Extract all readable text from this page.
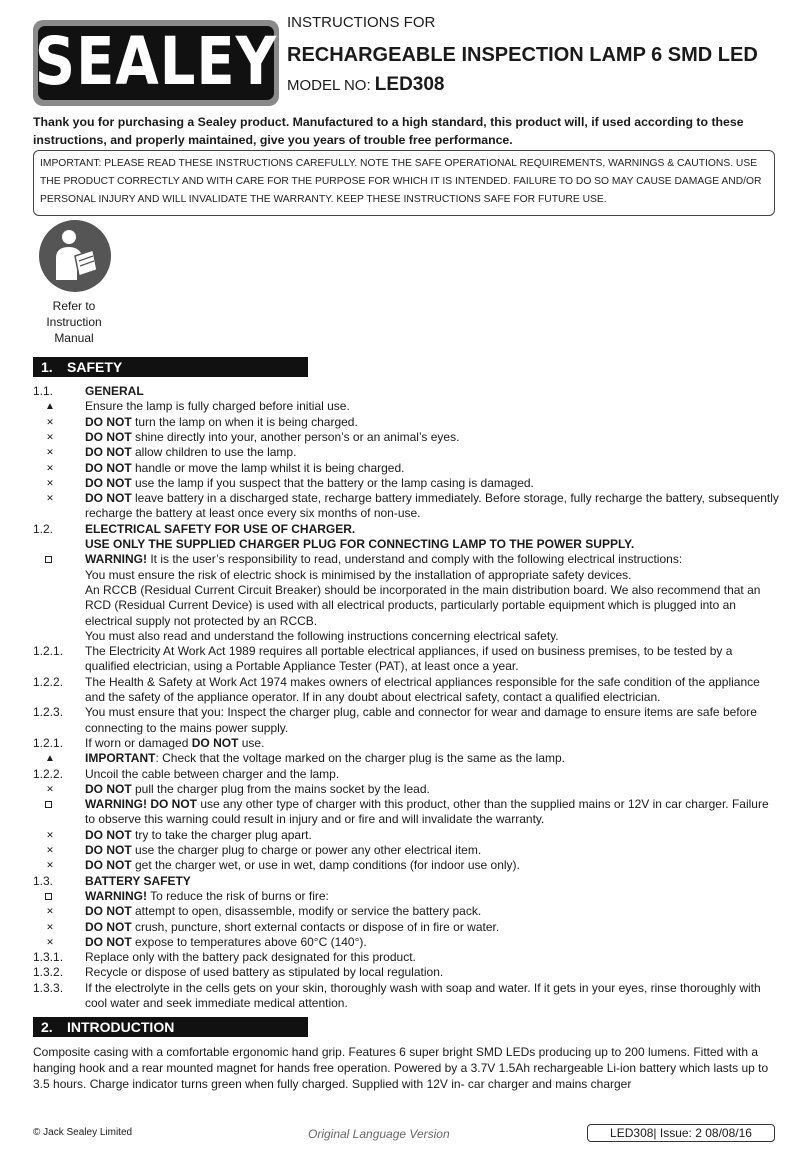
SEALEY
INSTRUCTIONS FOR
RECHARGEABLE INSPECTION LAMP 6 SMD LED
MODEL NO: LED308
Thank you for purchasing a Sealey product. Manufactured to a high standard, this product will, if used according to these instructions, and properly maintained, give you years of trouble free performance.
IMPORTANT: PLEASE READ THESE INSTRUCTIONS CAREFULLY. NOTE THE SAFE OPERATIONAL REQUIREMENTS, WARNINGS & CAUTIONS. USE THE PRODUCT CORRECTLY AND WITH CARE FOR THE PURPOSE FOR WHICH IT IS INTENDED. FAILURE TO DO SO MAY CAUSE DAMAGE AND/OR PERSONAL INJURY AND WILL INVALIDATE THE WARRANTY. KEEP THESE INSTRUCTIONS SAFE FOR FUTURE USE.
Refer to
Instruction
Manual
1. SAFETY
1.1.	GENERAL
▲	Ensure the lamp is fully charged before initial use.
✕	DO NOT turn the lamp on when it is being charged.
✕	DO NOT shine directly into your, another person’s or an animal’s eyes.
✕	DO NOT allow children to use the lamp.
✕	DO NOT handle or move the lamp whilst it is being charged.
✕	DO NOT use the lamp if you suspect that the battery or the lamp casing is damaged.
✕	DO NOT leave battery in a discharged state, recharge battery immediately. Before storage, fully recharge the battery, subsequently
recharge the battery at least once every six months of non-use.
1.2.	ELECTRICAL SAFETY FOR USE OF CHARGER.
USE ONLY THE SUPPLIED CHARGER PLUG FOR CONNECTING LAMP TO THE POWER SUPPLY.
WARNING! It is the user’s responsibility to read, understand and comply with the following electrical instructions:
You must ensure the risk of electric shock is minimised by the installation of appropriate safety devices.
An RCCB (Residual Current Circuit Breaker) should be incorporated in the main distribution board. We also recommend that an
RCD (Residual Current Device) is used with all electrical products, particularly portable equipment which is plugged into an
electrical supply not protected by an RCCB.
You must also read and understand the following instructions concerning electrical safety.
1.2.1. The Electricity At Work Act 1989 requires all portable electrical appliances, if used on business premises, to be tested by a
qualified electrician, using a Portable Appliance Tester (PAT), at least once a year.
1.2.2. The Health & Safety at Work Act 1974 makes owners of electrical appliances responsible for the safe condition of the appliance
and the safety of the appliance operator. If in any doubt about electrical safety, contact a qualified electrician.
1.2.3. You must ensure that you: Inspect the charger plug, cable and connector for wear and damage to ensure items are safe before
connecting to the mains power supply.
1.2.1. If worn or damaged DO NOT use.
▲	IMPORTANT: Check that the voltage marked on the charger plug is the same as the lamp.
1.2.2. Uncoil the cable between charger and the lamp.
✕	DO NOT pull the charger plug from the mains socket by the lead.
WARNING! DO NOT use any other type of charger with this product, other than the supplied mains or 12V in car charger. Failure
to observe this warning could result in injury and or fire and will invalidate the warranty.
✕	DO NOT try to take the charger plug apart.
✕	DO NOT use the charger plug to charge or power any other electrical item.
✕	DO NOT get the charger wet, or use in wet, damp conditions (for indoor use only).
1.3.	BATTERY SAFETY
WARNING! To reduce the risk of burns or fire:
✕	DO NOT attempt to open, disassemble, modify or service the battery pack.
✕	DO NOT crush, puncture, short external contacts or dispose of in fire or water.
✕	DO NOT expose to temperatures above 60°C (140°).
1.3.1. Replace only with the battery pack designated for this product.
1.3.2. Recycle or dispose of used battery as stipulated by local regulation.
1.3.3. If the electrolyte in the cells gets on your skin, thoroughly wash with soap and water. If it gets in your eyes, rinse thoroughly with
cool water and seek immediate medical attention.
2. INTRODUCTION
Composite casing with a comfortable ergonomic hand grip. Features 6 super bright SMD LEDs producing up to 200 lumens. Fitted with a hanging hook and a rear mounted magnet for hands free operation. Powered by a 3.7V 1.5Ah rechargeable Li-ion battery which lasts up to 3.5 hours. Charge indicator turns green when fully charged. Supplied with 12V in- car charger and mains charger
© Jack Sealey Limited	Original Language Version	LED308| Issue: 2 08/08/16
